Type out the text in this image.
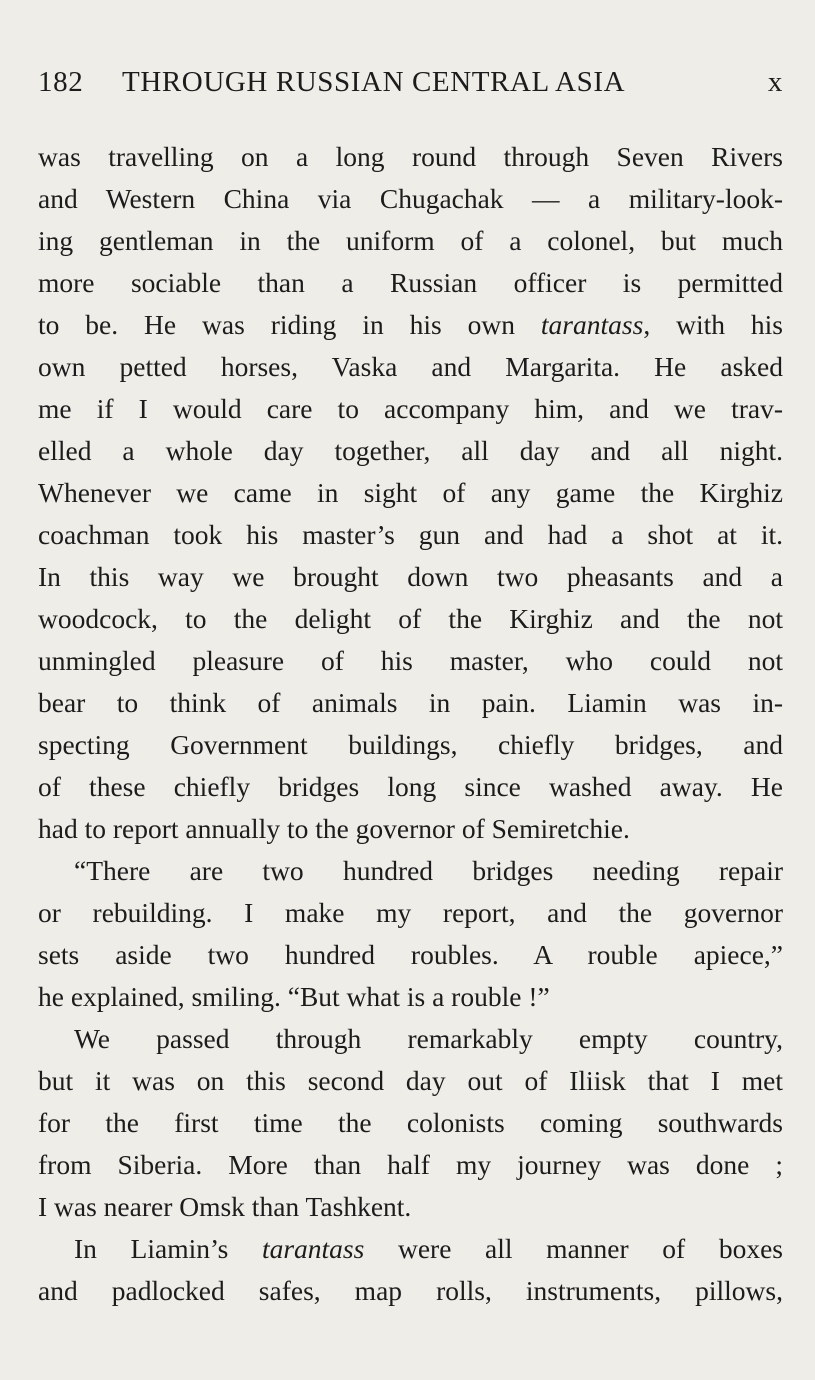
182 THROUGH RUSSIAN CENTRAL ASIA	x
was travelling on a long round through Seven Rivers
and Western China via Chugachak — a military-look-
ing gentleman in the uniform of a colonel, but much
more sociable than a Russian officer is permitted
to be. He was riding in his own tarantass, with his
own petted horses, Vaska and Margarita. He asked
me if I would care to accompany him, and we trav-
elled a whole day together, all day and all night.
Whenever we came in sight of any game the Kirghiz
coachman took his master’s gun and had a shot at it.
In this way we brought down two pheasants and a
woodcock, to the delight of the Kirghiz and the not
unmingled pleasure of his master, who could not
bear to think of animals in pain. Liamin was in-
specting Government buildings, chiefly bridges, and
of these chiefly bridges long since washed away. He
had to report annually to the governor of Semiretchie.
“There are two hundred bridges needing repair
or rebuilding. I make my report, and the governor
sets aside two hundred roubles. A rouble apiece,”
he explained, smiling. “But what is a rouble !”
We passed through remarkably empty country,
but it was on this second day out of Iliisk that I met
for the first time the colonists coming southwards
from Siberia. More than half my journey was done ;
I was nearer Omsk than Tashkent.
In Liamin’s tarantass were all manner of boxes
and padlocked safes, map rolls, instruments, pillows,
